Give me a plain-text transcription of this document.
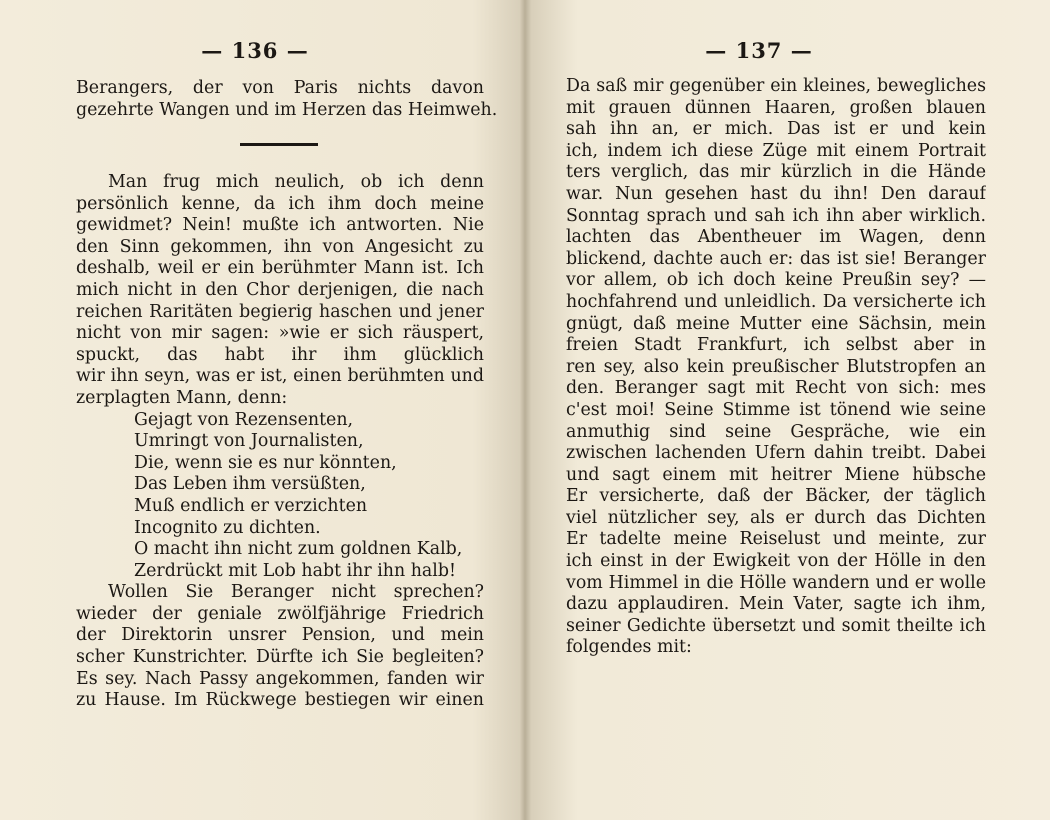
— 136 —
Berangers, der von Paris nichts davon
gezehrte Wangen und im Herzen das Heimweh.
Man frug mich neulich, ob ich denn
persönlich kenne, da ich ihm doch meine
gewidmet? Nein! mußte ich antworten. Nie
den Sinn gekommen, ihn von Angesicht zu
deshalb, weil er ein berühmter Mann ist. Ich
mich nicht in den Chor derjenigen, die nach
reichen Raritäten begierig haschen und jener
nicht von mir sagen: »wie er sich räuspert,
spuckt, das habt ihr ihm glücklich
wir ihn seyn, was er ist, einen berühmten und
zerplagten Mann, denn:
Gejagt von Rezensenten,
Umringt von Journalisten,
Die, wenn sie es nur könnten,
Das Leben ihm versüßten,
Muß endlich er verzichten
Incognito zu dichten.
O macht ihn nicht zum goldnen Kalb,
Zerdrückt mit Lob habt ihr ihn halb!
Wollen Sie Beranger nicht sprechen?
wieder der geniale zwölfjährige Friedrich
der Direktorin unsrer Pension, und mein
scher Kunstrichter. Dürfte ich Sie begleiten?
Es sey. Nach Passy angekommen, fanden wir
zu Hause. Im Rückwege bestiegen wir einen
— 137 —
Da saß mir gegenüber ein kleines, bewegliches
mit grauen dünnen Haaren, großen blauen
sah ihn an, er mich. Das ist er und kein
ich, indem ich diese Züge mit einem Portrait
ters verglich, das mir kürzlich in die Hände
war. Nun gesehen hast du ihn! Den darauf
Sonntag sprach und sah ich ihn aber wirklich.
lachten das Abentheuer im Wagen, denn
blickend, dachte auch er: das ist sie! Beranger
vor allem, ob ich doch keine Preußin sey? —
hochfahrend und unleidlich. Da versicherte ich
gnügt, daß meine Mutter eine Sächsin, mein
freien Stadt Frankfurt, ich selbst aber in
ren sey, also kein preußischer Blutstropfen an
den. Beranger sagt mit Recht von sich: mes
c'est moi! Seine Stimme ist tönend wie seine
anmuthig sind seine Gespräche, wie ein
zwischen lachenden Ufern dahin treibt. Dabei
und sagt einem mit heitrer Miene hübsche
Er versicherte, daß der Bäcker, der täglich
viel nützlicher sey, als er durch das Dichten
Er tadelte meine Reiselust und meinte, zur
ich einst in der Ewigkeit von der Hölle in den
vom Himmel in die Hölle wandern und er wolle
dazu applaudiren. Mein Vater, sagte ich ihm,
seiner Gedichte übersetzt und somit theilte ich
folgendes mit:
